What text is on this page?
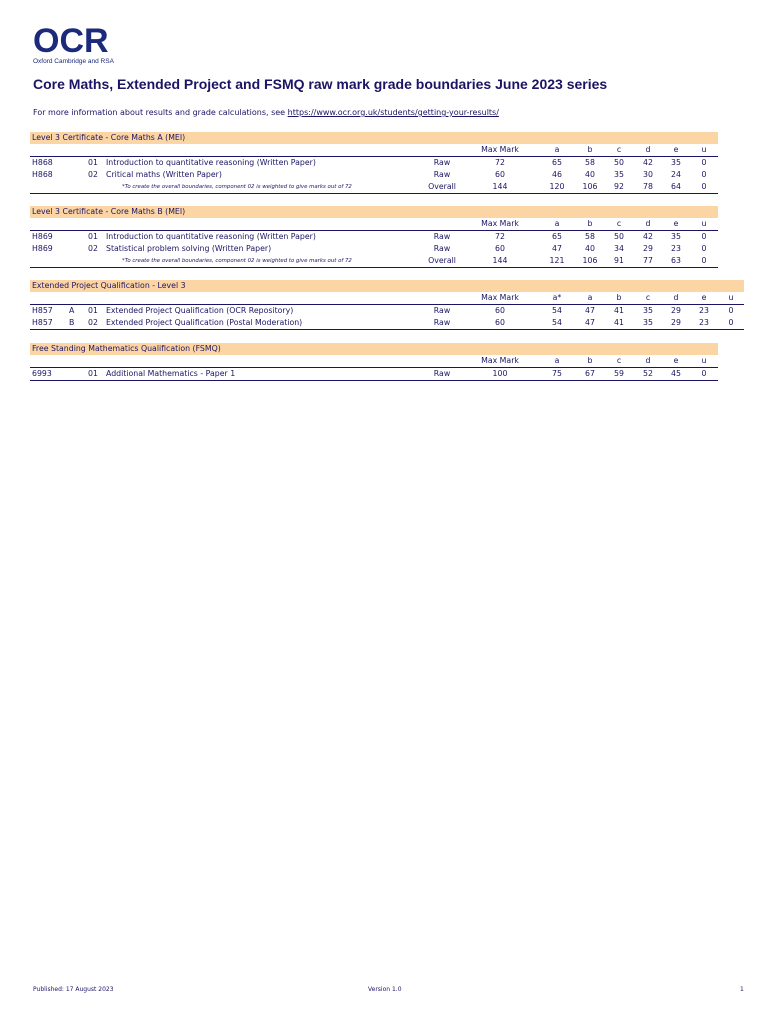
OCR
Oxford Cambridge and RSA
Core Maths, Extended Project and FSMQ raw mark grade boundaries June 2023 series
For more information about results and grade calculations, see https://www.ocr.org.uk/students/getting-your-results/
Level 3 Certificate - Core Maths A (MEI)
Max Mark	a	b	c	d	e	u
H868	01 Introduction to quantitative reasoning (Written Paper)	Raw	72	65	58 50 42 35	0
H868	02 Critical maths (Written Paper)	Raw	60	46	40 35 30 24	0
*To create the overall boundaries, component 02 is weighted to give marks out of 72	Overall	144	120 106 92 78 64	0
Level 3 Certificate - Core Maths B (MEI)
Max Mark	a	b	c	d	e	u
H869	01 Introduction to quantitative reasoning (Written Paper)	Raw	72	65	58 50 42 35	0
H869	02 Statistical problem solving (Written Paper)	Raw	60	47	40 34 29 23	0
*To create the overall boundaries, component 02 is weighted to give marks out of 72	Overall	144	121 106 91 77 63	0
Extended Project Qualification - Level 3
Max Mark	a*	a	b	c	d	e	u
H857 A 01 Extended Project Qualification (OCR Repository)	Raw	60	54	47 41 35 29 23	0
H857 B 02 Extended Project Qualification (Postal Moderation)	Raw	60	54	47 41 35 29 23	0
Free Standing Mathematics Qualification (FSMQ)
Max Mark	a	b	c	d	e	u
6993	01 Additional Mathematics - Paper 1	Raw	100	75	67 59 52 45	0
Published: 17 August 2023	Version 1.0	1
